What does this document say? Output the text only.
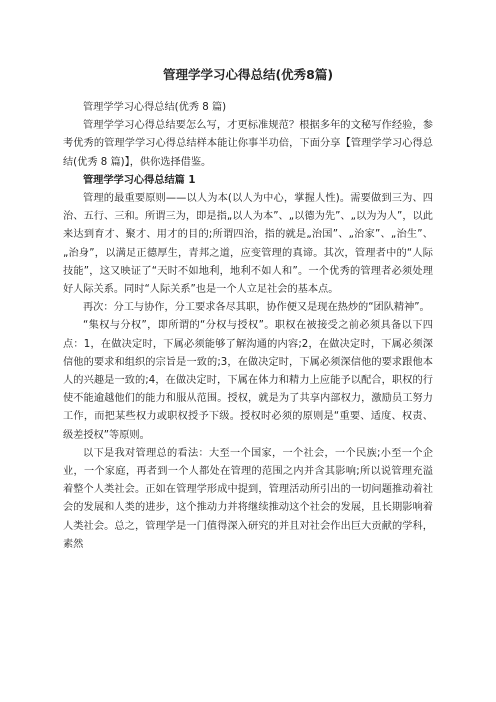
管理学学习心得总结(优秀8篇)

管理学学习心得总结(优秀 8 篇)

管理学学习心得总结要怎么写，才更标准规范？根据多年的文秘写作经验，参考优秀的管理学学习心得总结样本能让你事半功倍，下面分享【管理学学习心得总结(优秀 8 篇)】，供你选择借鉴。

管理学学习心得总结篇 1

管理的最重要原则——以人为本(以人为中心，掌握人性)。需要做到三为、四治、五行、三和。所谓三为，即是指„以人为本”、„以德为先”、„以为为人”，以此来达到育才、聚才、用才的目的;所谓四治，指的就是„治国”、„治家”、„治生”、„治身”，以满足正德厚生，青邦之道，应变管理的真谛。其次，管理者中的“人际技能”，这又映证了“天时不如地利，地利不如人和”。一个优秀的管理者必须处理好人际关系。同时“人际关系”也是一个人立足社会的基本点。

再次：分工与协作，分工要求各尽其职，协作便又是现在热炒的“团队精神”。

“集权与分权”，即所谓的“分权与授权”。职权在被接受之前必须具备以下四点：1，在做决定时，下属必须能够了解沟通的内容;2，在做决定时，下属必须深信他的要求和组织的宗旨是一致的;3，在做决定时，下属必须深信他的要求跟他本人的兴趣是一致的;4，在做决定时，下属在体力和精力上应能予以配合，职权的行使不能逾越他们的能力和服从范围。授权，就是为了共享内部权力，激励员工努力工作，而把某些权力或职权授予下级。授权时必须的原则是“重要、适度、权责、级差授权”等原则。

以下是我对管理总的看法：大至一个国家，一个社会，一个民族;小至一个企业，一个家庭，再者到一个人都处在管理的范围之内并含其影响;所以说管理充溢着整个人类社会。正如在管理学形成中提到，管理活动所引出的一切问题推动着社会的发展和人类的进步，这个推动力并将继续推动这个社会的发展，且长期影响着人类社会。总之，管理学是一门值得深入研究的并且对社会作出巨大贡献的学科，素然
